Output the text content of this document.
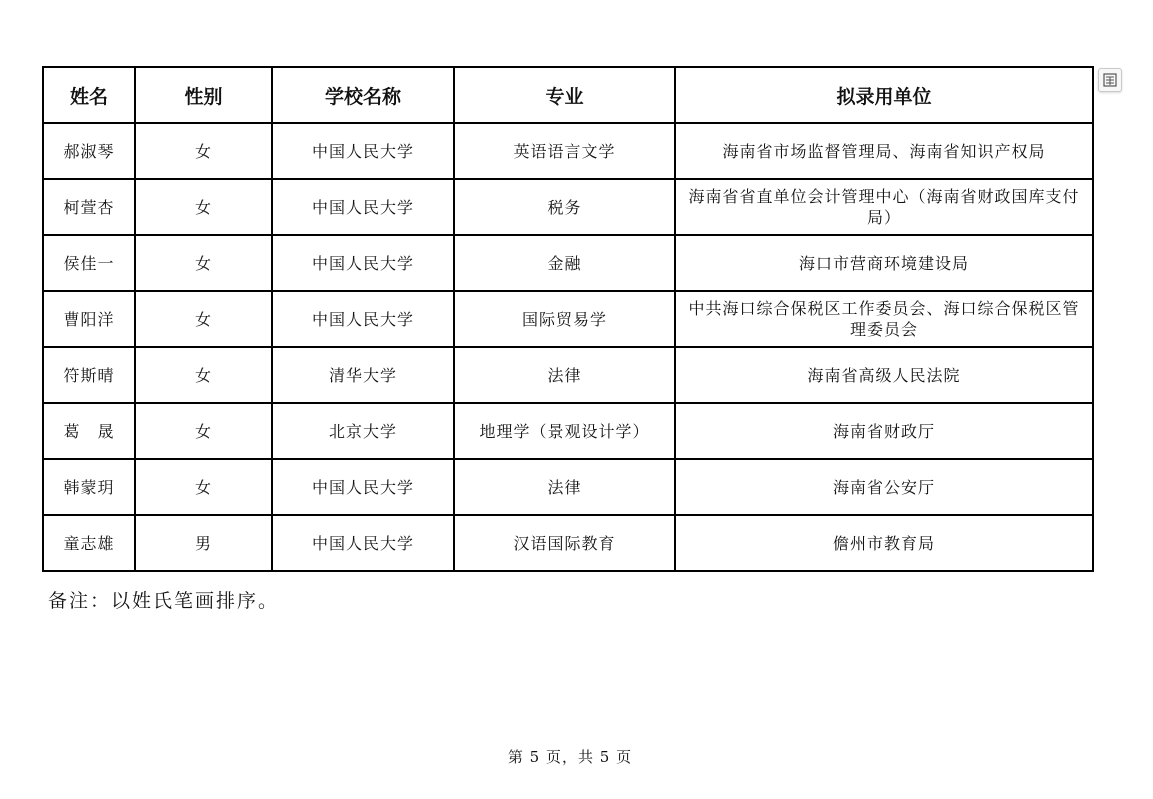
姓名	性别	学校名称	专业	拟录用单位
郝淑琴	女	中国人民大学	英语语言文学	海南省市场监督管理局、海南省知识产权局
柯萱杏	女	中国人民大学	税务	海南省省直单位会计管理中心（海南省财政国库支付局）
侯佳一	女	中国人民大学	金融	海口市营商环境建设局
曹阳洋	女	中国人民大学	国际贸易学	中共海口综合保税区工作委员会、海口综合保税区管理委员会
符斯晴	女	清华大学	法律	海南省高级人民法院
葛　晟	女	北京大学	地理学（景观设计学）	海南省财政厅
韩蒙玥	女	中国人民大学	法律	海南省公安厅
童志雄	男	中国人民大学	汉语国际教育	儋州市教育局
备注：以姓氏笔画排序。
第 5 页，共 5 页
